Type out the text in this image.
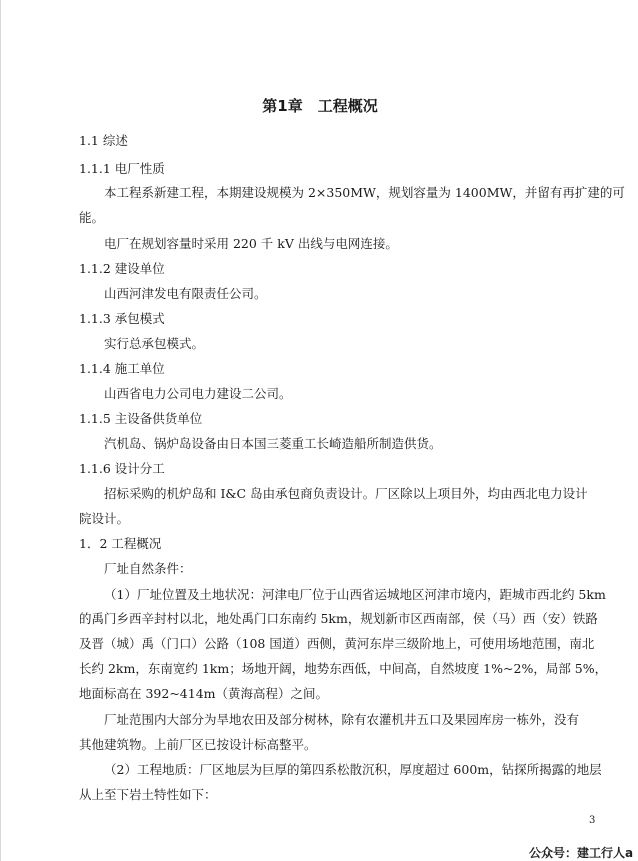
第1章　工程概况
1.1 综述
1.1.1 电厂性质
本工程系新建工程，本期建设规模为 2×350MW，规划容量为 1400MW，并留有再扩建的可
能。
电厂在规划容量时采用 220 千 kV 出线与电网连接。
1.1.2 建设单位
山西河津发电有限责任公司。
1.1.3 承包模式
实行总承包模式。
1.1.4 施工单位
山西省电力公司电力建设二公司。
1.1.5 主设备供货单位
汽机岛、锅炉岛设备由日本国三菱重工长崎造船所制造供货。
1.1.6 设计分工
招标采购的机炉岛和 I&C 岛由承包商负责设计。厂区除以上项目外，均由西北电力设计
院设计。
1．2 工程概况
厂址自然条件：
（1）厂址位置及土地状况：河津电厂位于山西省运城地区河津市境内，距城市西北约 5km
的禹门乡西辛封村以北，地处禹门口东南约 5km，规划新市区西南部，侯（马）西（安）铁路
及晋（城）禹（门口）公路（108 国道）西侧，黄河东岸三级阶地上，可使用场地范围，南北
长约 2km，东南宽约 1km；场地开阔，地势东西低，中间高，自然坡度 1%~2%，局部 5%，
地面标高在 392~414m（黄海高程）之间。
厂址范围内大部分为旱地农田及部分树林，除有农灌机井五口及果园库房一栋外，没有
其他建筑物。上前厂区已按设计标高整平。
（2）工程地质：厂区地层为巨厚的第四系松散沉积，厚度超过 600m，钻探所揭露的地层
从上至下岩土特性如下：
3
公众号：建工行人a
